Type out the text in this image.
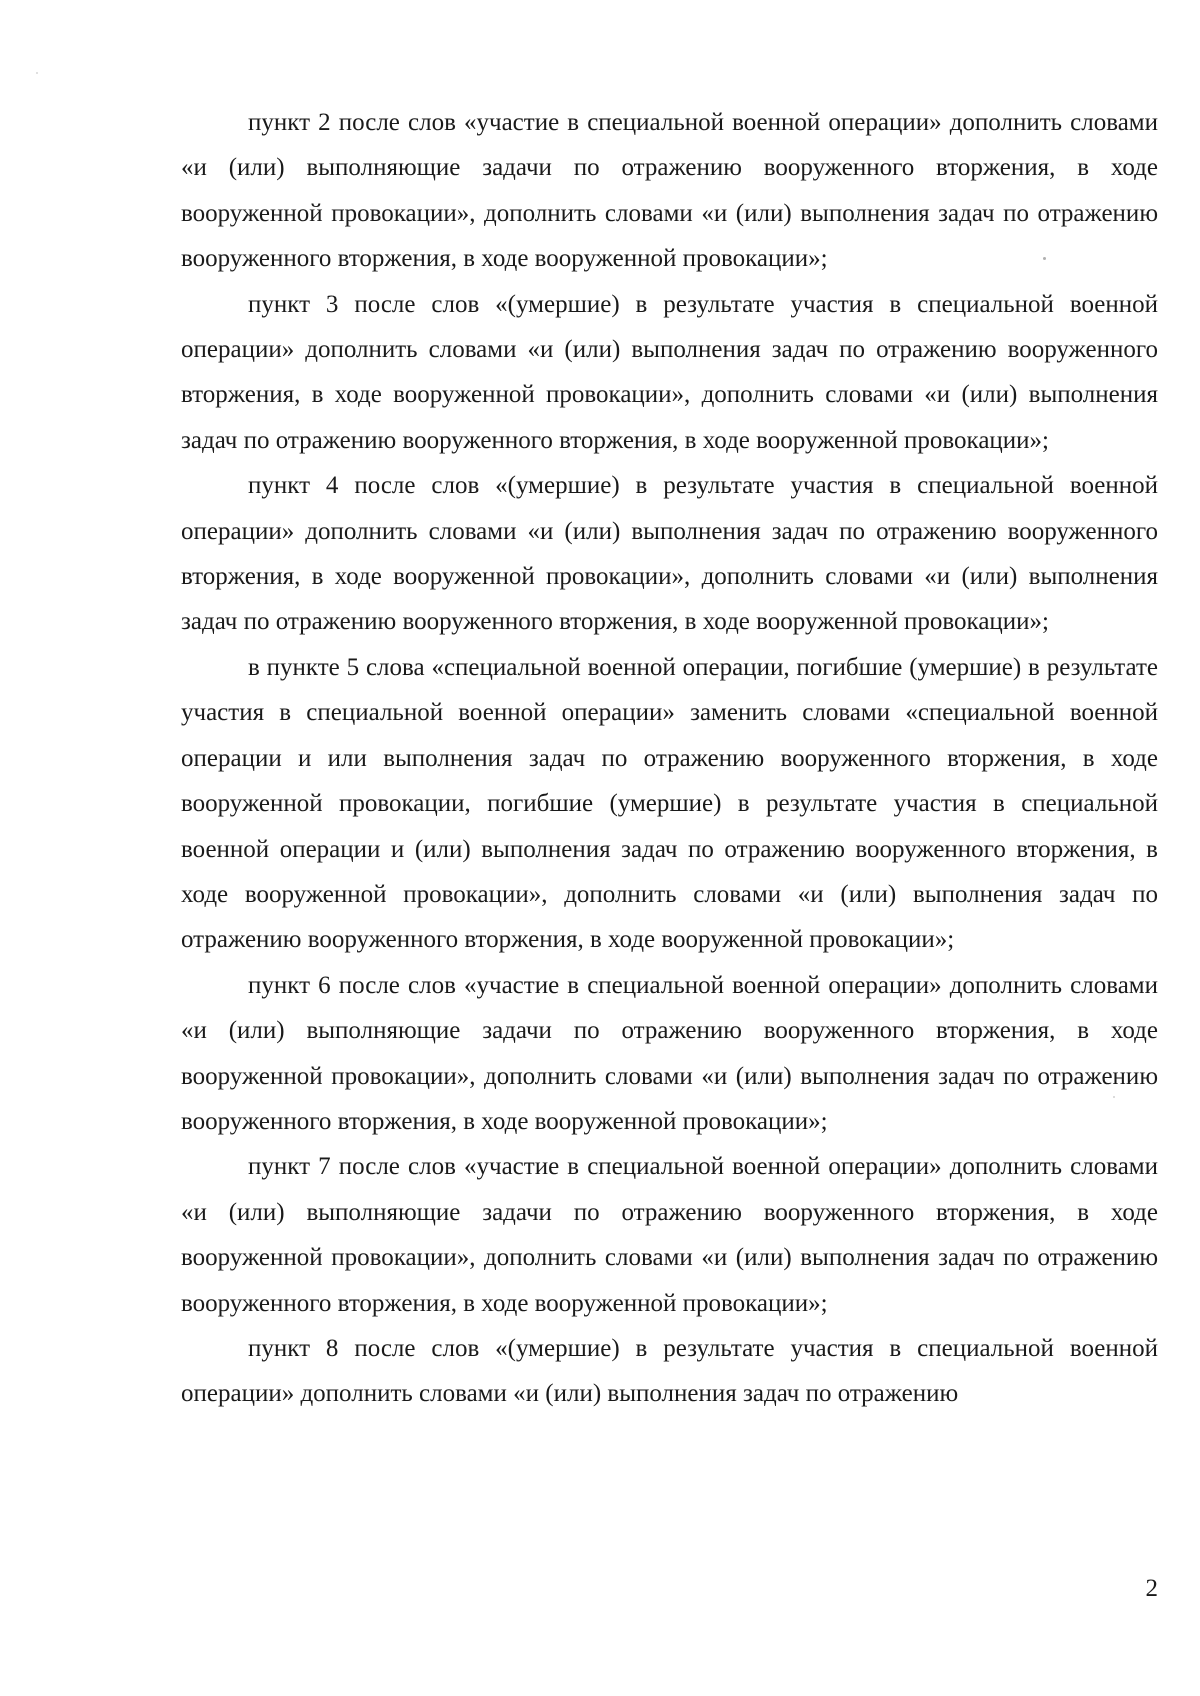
пункт 2 после слов «участие в специальной военной операции» дополнить словами «и (или) выполняющие задачи по отражению вооруженного вторжения, в ходе вооруженной провокации», дополнить словами «и (или) выполнения задач по отражению вооруженного вторжения, в ходе вооруженной провокации»;

пункт 3 после слов «(умершие) в результате участия в специальной военной операции» дополнить словами «и (или) выполнения задач по отражению вооруженного вторжения, в ходе вооруженной провокации», дополнить словами «и (или) выполнения задач по отражению вооруженного вторжения, в ходе вооруженной провокации»;

пункт 4 после слов «(умершие) в результате участия в специальной военной операции» дополнить словами «и (или) выполнения задач по отражению вооруженного вторжения, в ходе вооруженной провокации», дополнить словами «и (или) выполнения задач по отражению вооруженного вторжения, в ходе вооруженной провокации»;

в пункте 5 слова «специальной военной операции, погибшие (умершие) в результате участия в специальной военной операции» заменить словами «специальной военной операции и или выполнения задач по отражению вооруженного вторжения, в ходе вооруженной провокации, погибшие (умершие) в результате участия в специальной военной операции и (или) выполнения задач по отражению вооруженного вторжения, в ходе вооруженной провокации», дополнить словами «и (или) выполнения задач по отражению вооруженного вторжения, в ходе вооруженной провокации»;

пункт 6 после слов «участие в специальной военной операции» дополнить словами «и (или) выполняющие задачи по отражению вооруженного вторжения, в ходе вооруженной провокации», дополнить словами «и (или) выполнения задач по отражению вооруженного вторжения, в ходе вооруженной провокации»;

пункт 7 после слов «участие в специальной военной операции» дополнить словами «и (или) выполняющие задачи по отражению вооруженного вторжения, в ходе вооруженной провокации», дополнить словами «и (или) выполнения задач по отражению вооруженного вторжения, в ходе вооруженной провокации»;

пункт 8 после слов «(умершие) в результате участия в специальной военной операции» дополнить словами «и (или) выполнения задач по отражению

2
